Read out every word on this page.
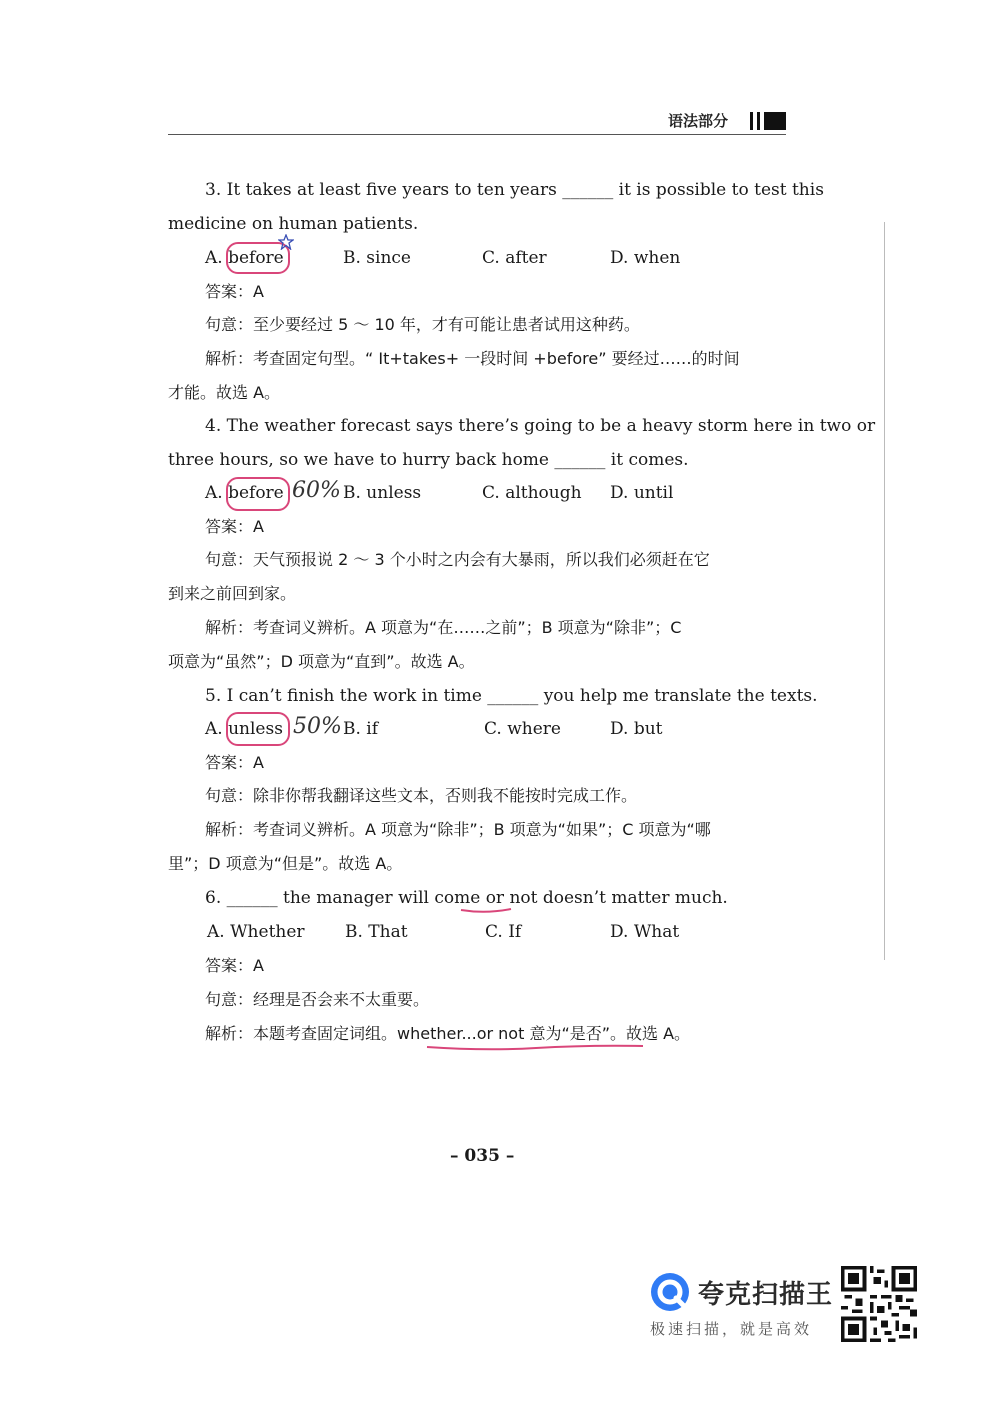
语法部分
3. It takes at least five years to ten years ______ it is possible to test this
medicine on human patients.
A. before	B. since	C. after	D. when
答案：A
句意：至少要经过 5 ～ 10 年，才有可能让患者试用这种药。
解析：考查固定句型。“ It+takes+ 一段时间 +before” 要经过……的时间
才能。故选 A。
4. The weather forecast says there’s going to be a heavy storm here in two or
three hours, so we have to hurry back home ______ it comes.
A. before	B. unless	C. although D. until
60%
答案：A
句意：天气预报说 2 ～ 3 个小时之内会有大暴雨，所以我们必须赶在它
到来之前回到家。
解析：考查词义辨析。A 项意为“在……之前”；B 项意为“除非”；C
项意为“虽然”；D 项意为“直到”。故选 A。
5. I can’t finish the work in time ______ you help me translate the texts.
A. unless	B. if	C. where	D. but
50%
答案：A
句意：除非你帮我翻译这些文本，否则我不能按时完成工作。
解析：考查词义辨析。A 项意为“除非”；B 项意为“如果”；C 项意为“哪
里”；D 项意为“但是”。故选 A。
6. ______ the manager will come or not doesn’t matter much.
A. Whether B. That	C. If	D. What
答案：A
句意：经理是否会来不太重要。
解析：本题考查固定词组。whether...or not 意为“是否”。故选 A。
– 035 –
夸克扫描王
极速扫描，就是高效
